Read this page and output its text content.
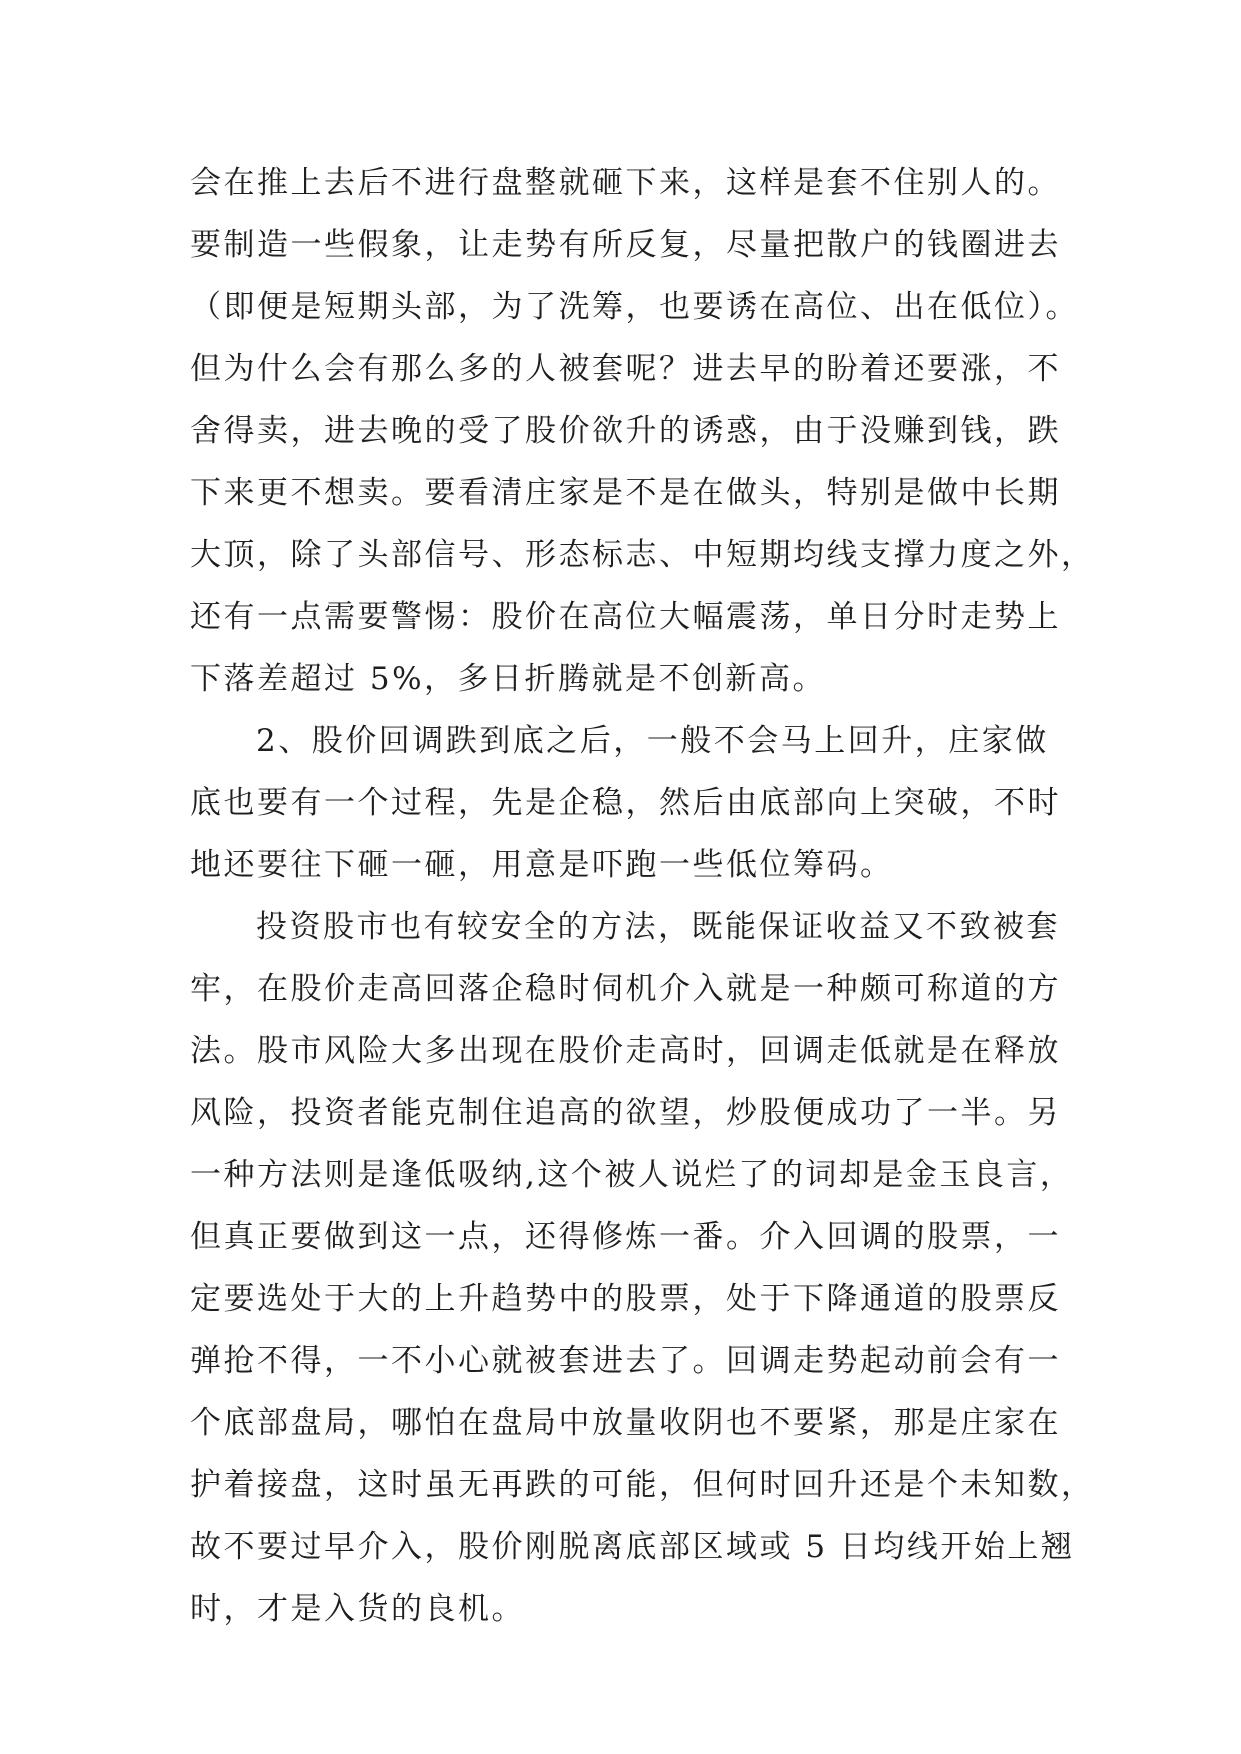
会在推上去后不进行盘整就砸下来，这样是套不住别人的。
要制造一些假象，让走势有所反复，尽量把散户的钱圈进去
（即便是短期头部，为了洗筹，也要诱在高位、出在低位）。
但为什么会有那么多的人被套呢？进去早的盼着还要涨，不
舍得卖，进去晚的受了股价欲升的诱惑，由于没赚到钱，跌
下来更不想卖。要看清庄家是不是在做头，特别是做中长期
大顶，除了头部信号、形态标志、中短期均线支撑力度之外，
还有一点需要警惕：股价在高位大幅震荡，单日分时走势上
下落差超过 5%，多日折腾就是不创新高。
2、股价回调跌到底之后，一般不会马上回升，庄家做
底也要有一个过程，先是企稳，然后由底部向上突破，不时
地还要往下砸一砸，用意是吓跑一些低位筹码。
投资股市也有较安全的方法，既能保证收益又不致被套
牢，在股价走高回落企稳时伺机介入就是一种颇可称道的方
法。股市风险大多出现在股价走高时，回调走低就是在释放
风险，投资者能克制住追高的欲望，炒股便成功了一半。另
一种方法则是逢低吸纳,这个被人说烂了的词却是金玉良言，
但真正要做到这一点，还得修炼一番。介入回调的股票，一
定要选处于大的上升趋势中的股票，处于下降通道的股票反
弹抢不得，一不小心就被套进去了。回调走势起动前会有一
个底部盘局，哪怕在盘局中放量收阴也不要紧，那是庄家在
护着接盘，这时虽无再跌的可能，但何时回升还是个未知数，
故不要过早介入，股价刚脱离底部区域或 5 日均线开始上翘
时，才是入货的良机。
